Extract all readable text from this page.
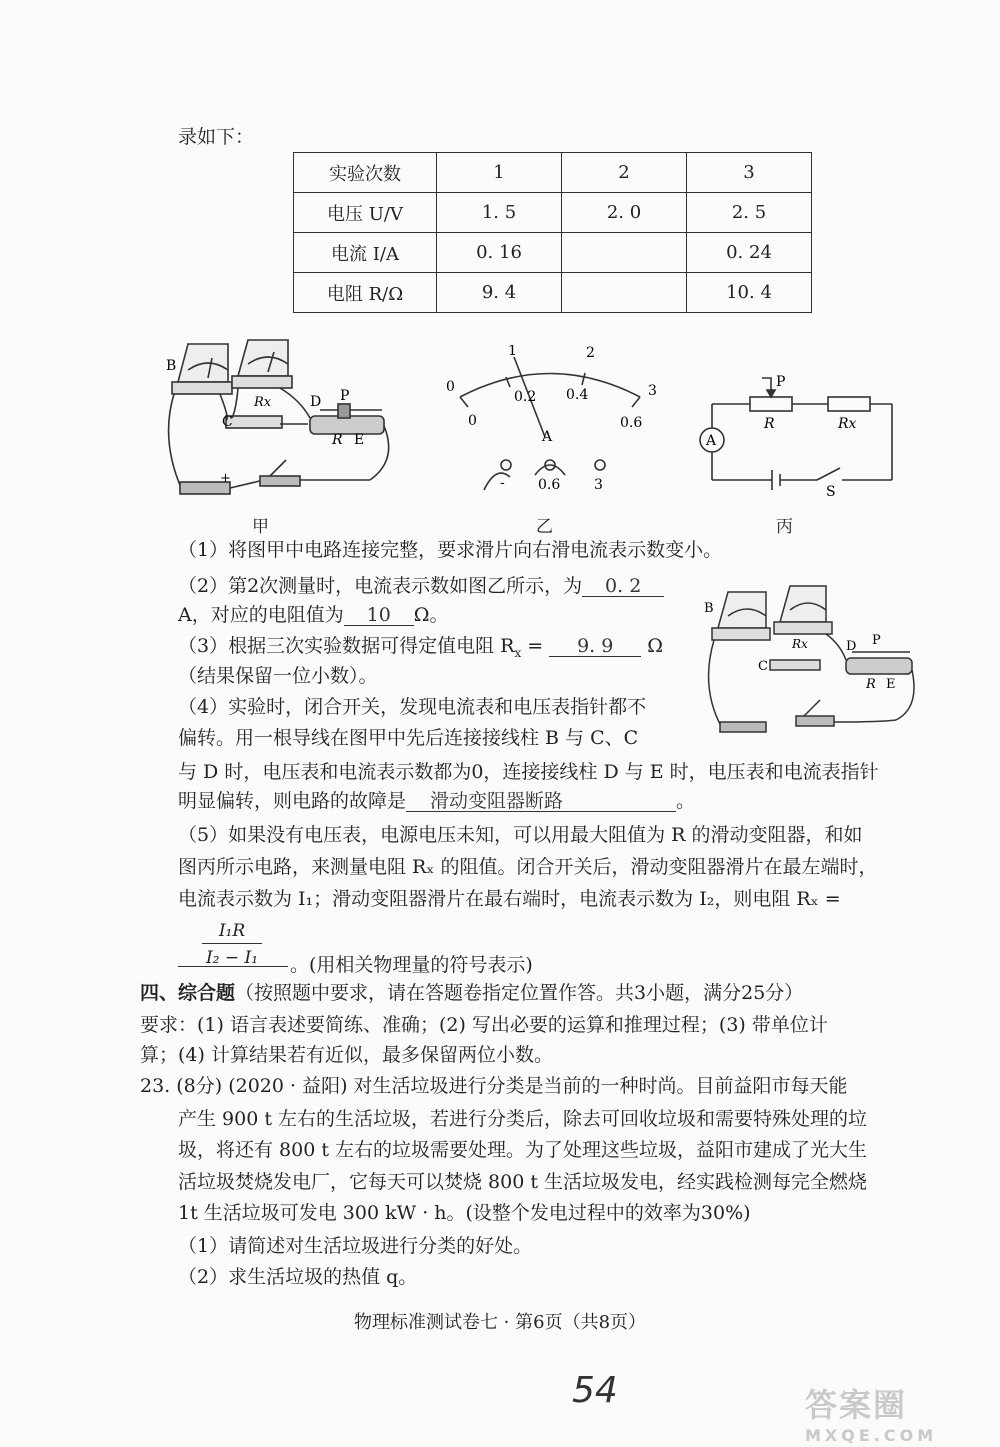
录如下：
实验次数	1	2	3
电压 U/V	1. 5	2. 0	2. 5
电流 I/A	0. 16		0. 24
电阻 R/Ω	9. 4		10. 4
B
C
D P
R E
Rx
+
甲
0
1	2
3
0
0.2 0.4
0.6
A
- 0.6 3
乙
P
R	Rx
A
S
丙
B
C
D P
R E
Rx
（1）将图甲中电路连接完整，要求滑片向右滑电流表示数变小。
（2）第2次测量时，电流表示数如图乙所示，为 0. 2
A，对应的电阻值为 10 Ω。
（3）根据三次实验数据可得定值电阻 $R_x = 9$. 9 Ω
（结果保留一位小数）。
（4）实验时，闭合开关，发现电流表和电压表指针都不
偏转。用一根导线在图甲中先后连接接线柱 B 与 C、C
与 D 时，电压表和电流表示数都为0，连接接线柱 D 与 E 时，电压表和电流表指针
明显偏转，则电路的故障是 滑动变阻器断路	。
（5）如果没有电压表，电源电压未知，可以用最大阻值为 R 的滑动变阻器，和如
图丙所示电路，来测量电阻 Rₓ 的阻值。闭合开关后，滑动变阻器滑片在最左端时，
电流表示数为 I₁；滑动变阻器滑片在最右端时，电流表示数为 I₂，则电阻 Rₓ =
$\frac{\text{I₁R}}{\text{I₂ − I₁}}$ 。(用相关物理量的符号表示)
四、综合题（按照题中要求，请在答题卷指定位置作答。共3小题，满分25分）
要求：(1) 语言表述要简练、准确；(2) 写出必要的运算和推理过程；(3) 带单位计
算；(4) 计算结果若有近似，最多保留两位小数。
23. (8分) (2020 · 益阳) 对生活垃圾进行分类是当前的一种时尚。目前益阳市每天能
产生 900 t 左右的生活垃圾，若进行分类后，除去可回收垃圾和需要特殊处理的垃
圾，将还有 800 t 左右的垃圾需要处理。为了处理这些垃圾，益阳市建成了光大生
活垃圾焚烧发电厂，它每天可以焚烧 800 t 生活垃圾发电，经实践检测每完全燃烧
1t 生活垃圾可发电 300 kW · h。(设整个发电过程中的效率为30%)
（1）请简述对生活垃圾进行分类的好处。
（2）求生活垃圾的热值 q。
物理标准测试卷七 · 第6页（共8页）
54	答案圈
MXQE.COM
